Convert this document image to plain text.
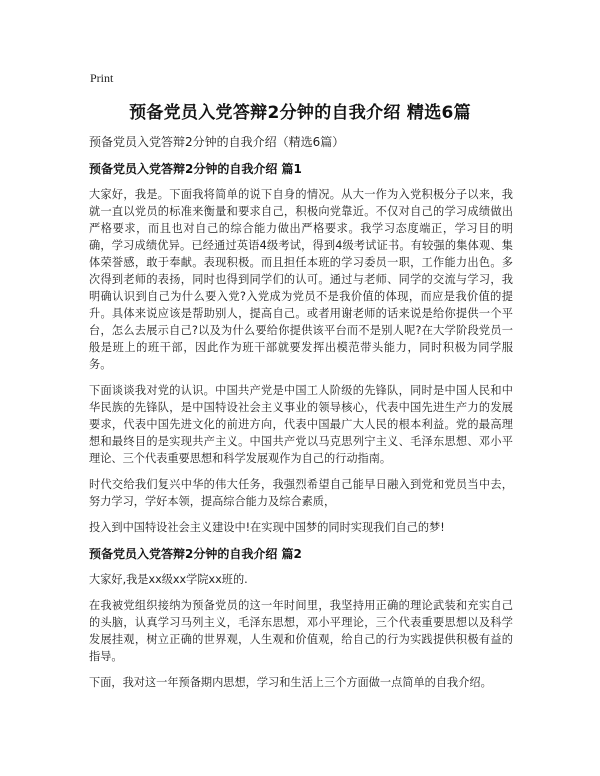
Print
预备党员入党答辩2分钟的自我介绍 精选6篇
预备党员入党答辩2分钟的自我介绍（精选6篇）
预备党员入党答辩2分钟的自我介绍 篇1

大家好，我是。下面我将简单的说下自身的情况。从大一作为入党积极分子以来，我就一直以党员的标准来衡量和要求自己，积极向党靠近。不仅对自己的学习成绩做出严格要求，而且也对自己的综合能力做出严格要求。我学习态度端正，学习目的明确，学习成绩优异。已经通过英语4级考试，得到4级考试证书。有较强的集体观、集体荣誉感，敢于奉献。表现积极。而且担任本班的学习委员一职，工作能力出色。多次得到老师的表扬，同时也得到同学们的认可。通过与老师、同学的交流与学习，我明确认识到自己为什么要入党?入党成为党员不是我价值的体现，而应是我价值的提升。具体来说应该是帮助别人，提高自己。或者用谢老师的话来说是给你提供一个平台，怎么去展示自己?以及为什么要给你提供该平台而不是别人呢?在大学阶段党员一般是班上的班干部，因此作为班干部就要发挥出模范带头能力，同时积极为同学服务。

下面谈谈我对党的认识。中国共产党是中国工人阶级的先锋队，同时是中国人民和中华民族的先锋队，是中国特设社会主义事业的领导核心，代表中国先进生产力的发展要求，代表中国先进文化的前进方向，代表中国最广大人民的根本利益。党的最高理想和最终目的是实现共产主义。中国共产党以马克思列宁主义、毛泽东思想、邓小平理论、三个代表重要思想和科学发展观作为自己的行动指南。

时代交给我们复兴中华的伟大任务，我强烈希望自己能早日融入到党和党员当中去，努力学习，学好本领，提高综合能力及综合素质，

投入到中国特设社会主义建设中!在实现中国梦的同时实现我们自己的梦!

预备党员入党答辩2分钟的自我介绍 篇2

大家好,我是xx级xx学院xx班的.

在我被党组织接纳为预备党员的这一年时间里，我坚持用正确的理论武装和充实自己的头脑，认真学习马列主义，毛泽东思想，邓小平理论，三个代表重要思想以及科学发展挂观，树立正确的世界观，人生观和价值观，给自己的行为实践提供积极有益的指导。

下面，我对这一年预备期内思想，学习和生活上三个方面做一点简单的自我介绍。
